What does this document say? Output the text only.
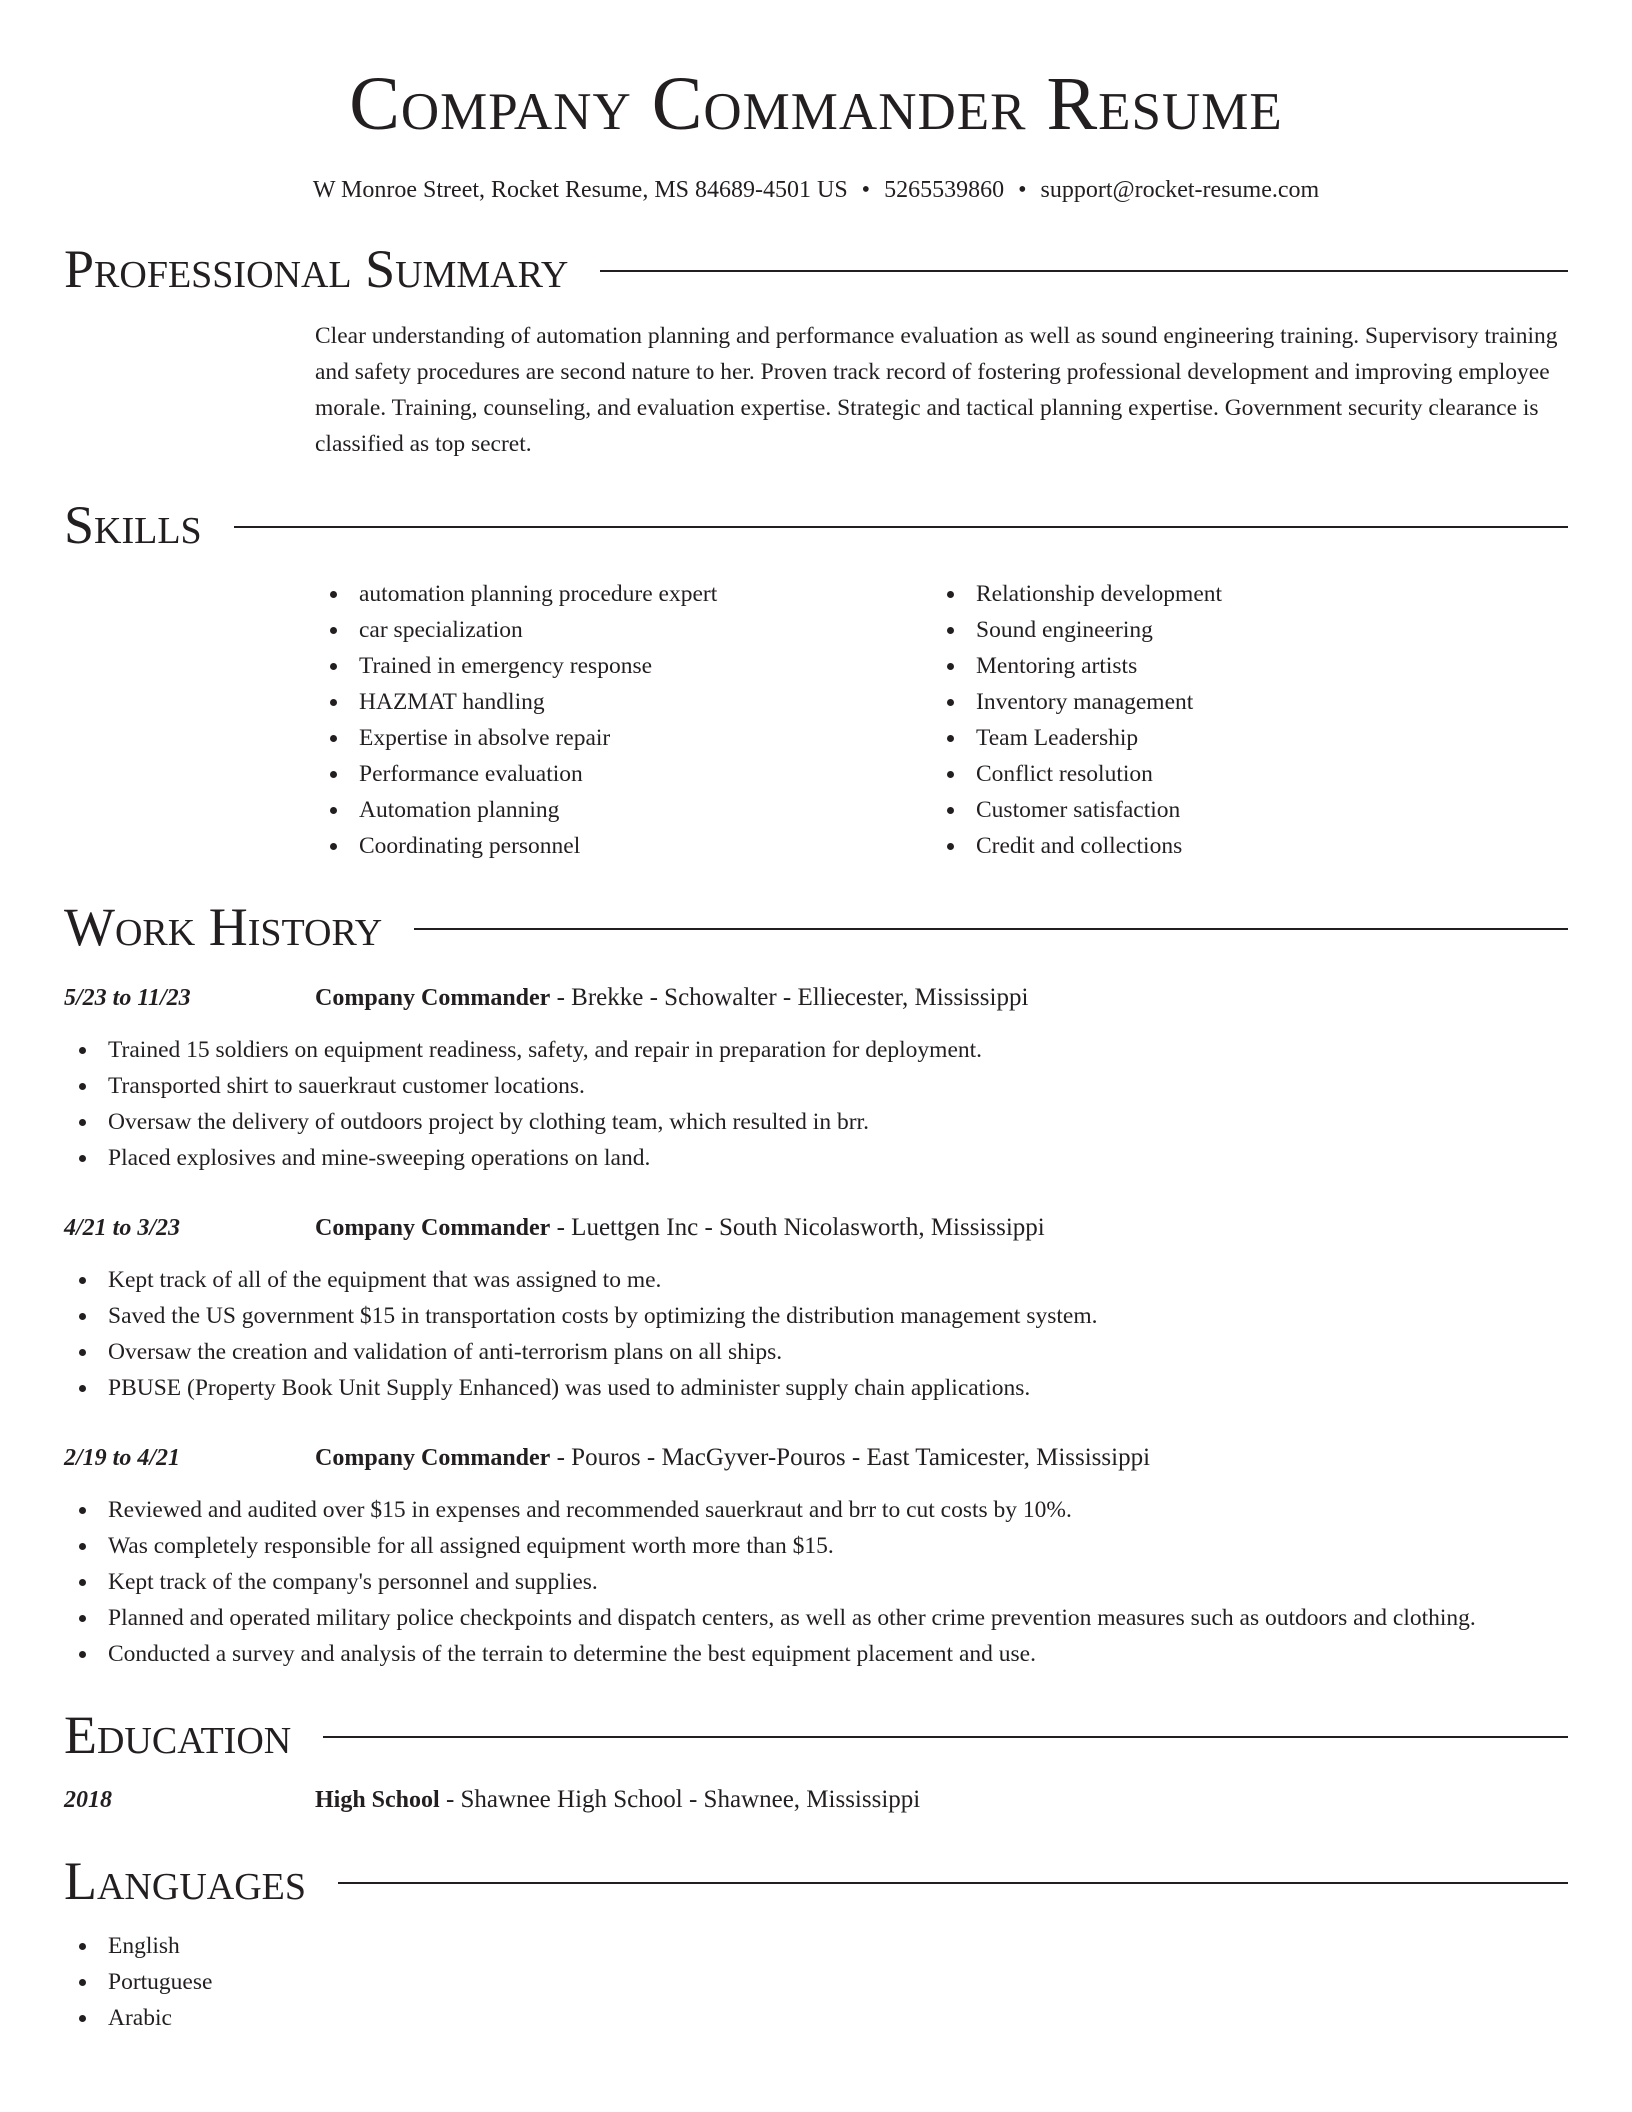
Company Commander Resume
W Monroe Street, Rocket Resume, MS 84689-4501 US • 5265539860 • support@rocket-resume.com
Professional Summary
Clear understanding of automation planning and performance evaluation as well as sound engineering training. Supervisory training and safety procedures are second nature to her. Proven track record of fostering professional development and improving employee morale. Training, counseling, and evaluation expertise. Strategic and tactical planning expertise. Government security clearance is classified as top secret.
Skills
automation planning procedure expert
car specialization
Trained in emergency response
HAZMAT handling
Expertise in absolve repair
Performance evaluation
Automation planning
Coordinating personnel
Relationship development
Sound engineering
Mentoring artists
Inventory management
Team Leadership
Conflict resolution
Customer satisfaction
Credit and collections
Work History
5/23 to 11/23	Company Commander - Brekke - Schowalter - Elliecester, Mississippi
Trained 15 soldiers on equipment readiness, safety, and repair in preparation for deployment.
Transported shirt to sauerkraut customer locations.
Oversaw the delivery of outdoors project by clothing team, which resulted in brr.
Placed explosives and mine-sweeping operations on land.
4/21 to 3/23	Company Commander - Luettgen Inc - South Nicolasworth, Mississippi
Kept track of all of the equipment that was assigned to me.
Saved the US government $15 in transportation costs by optimizing the distribution management system.
Oversaw the creation and validation of anti-terrorism plans on all ships.
PBUSE (Property Book Unit Supply Enhanced) was used to administer supply chain applications.
2/19 to 4/21	Company Commander - Pouros - MacGyver-Pouros - East Tamicester, Mississippi
Reviewed and audited over $15 in expenses and recommended sauerkraut and brr to cut costs by 10%.
Was completely responsible for all assigned equipment worth more than $15.
Kept track of the company's personnel and supplies.
Planned and operated military police checkpoints and dispatch centers, as well as other crime prevention measures such as outdoors and clothing.
Conducted a survey and analysis of the terrain to determine the best equipment placement and use.
Education
2018	High School - Shawnee High School - Shawnee, Mississippi
Languages
English
Portuguese
Arabic
